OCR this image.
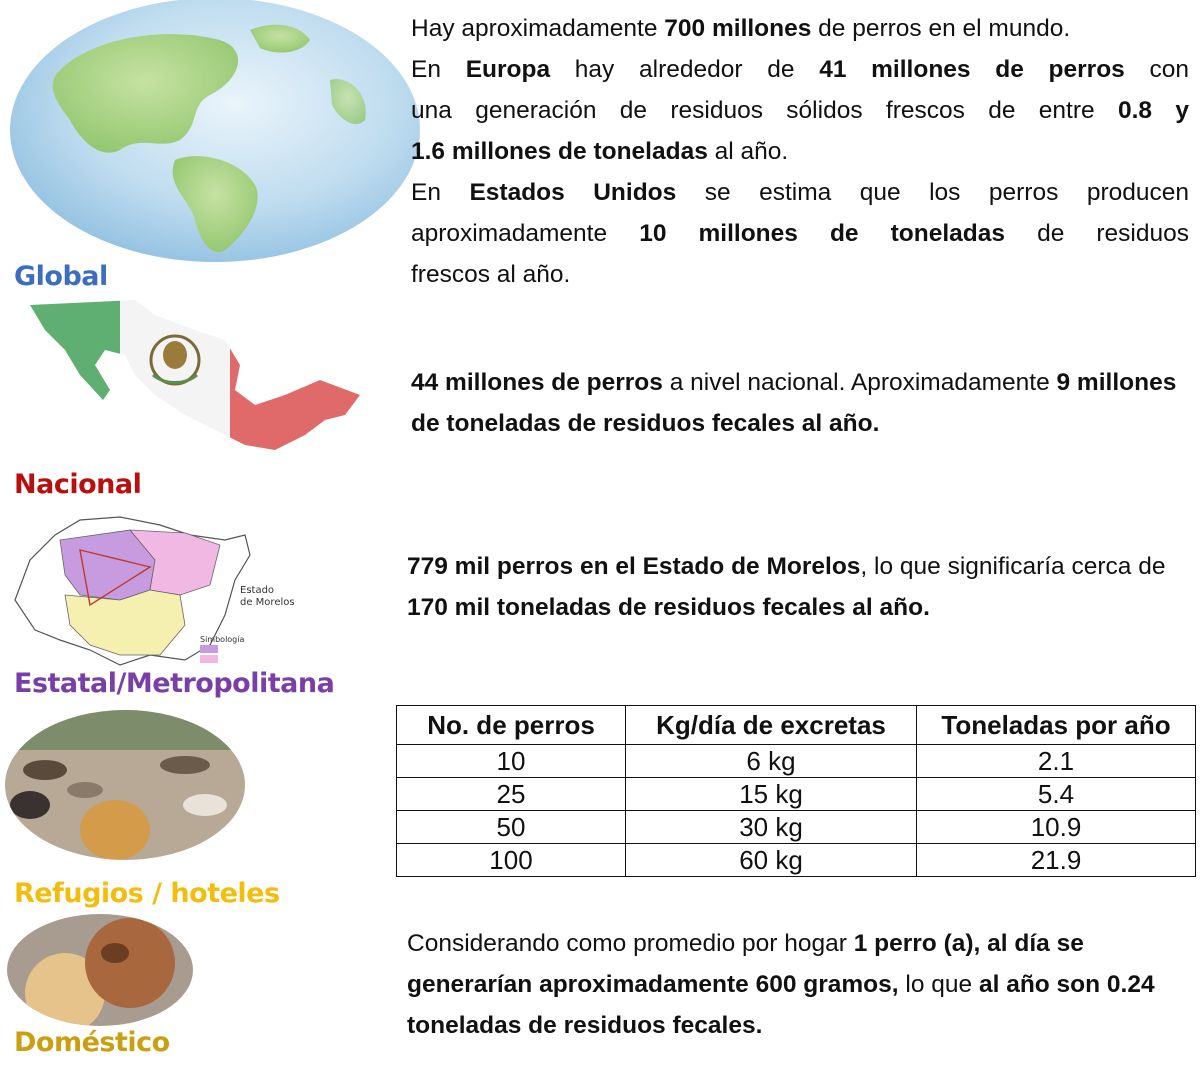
Global
Nacional
Estado
de Morelos
Simbología
Estatal/Metropolitana
Refugios / hoteles
Doméstico
Hay aproximadamente 700 millones de perros en el mundo.
En Europa hay alrededor de 41 millones de perros con
una generación de residuos sólidos frescos de entre 0.8 y
1.6 millones de toneladas al año.
En Estados Unidos se estima que los perros producen
aproximadamente 10 millones de toneladas de residuos
frescos al año.
44 millones de perros a nivel nacional. Aproximadamente 9 millones de toneladas de residuos fecales al año.
779 mil perros en el Estado de Morelos, lo que significaría cerca de 170 mil toneladas de residuos fecales al año.
No. de perros	Kg/día de excretas	Toneladas por año
10	6 kg	2.1
25	15 kg	5.4
50	30 kg	10.9
100	60 kg	21.9
Considerando como promedio por hogar 1 perro (a), al día se generarían aproximadamente 600 gramos, lo que al año son 0.24 toneladas de residuos fecales.
